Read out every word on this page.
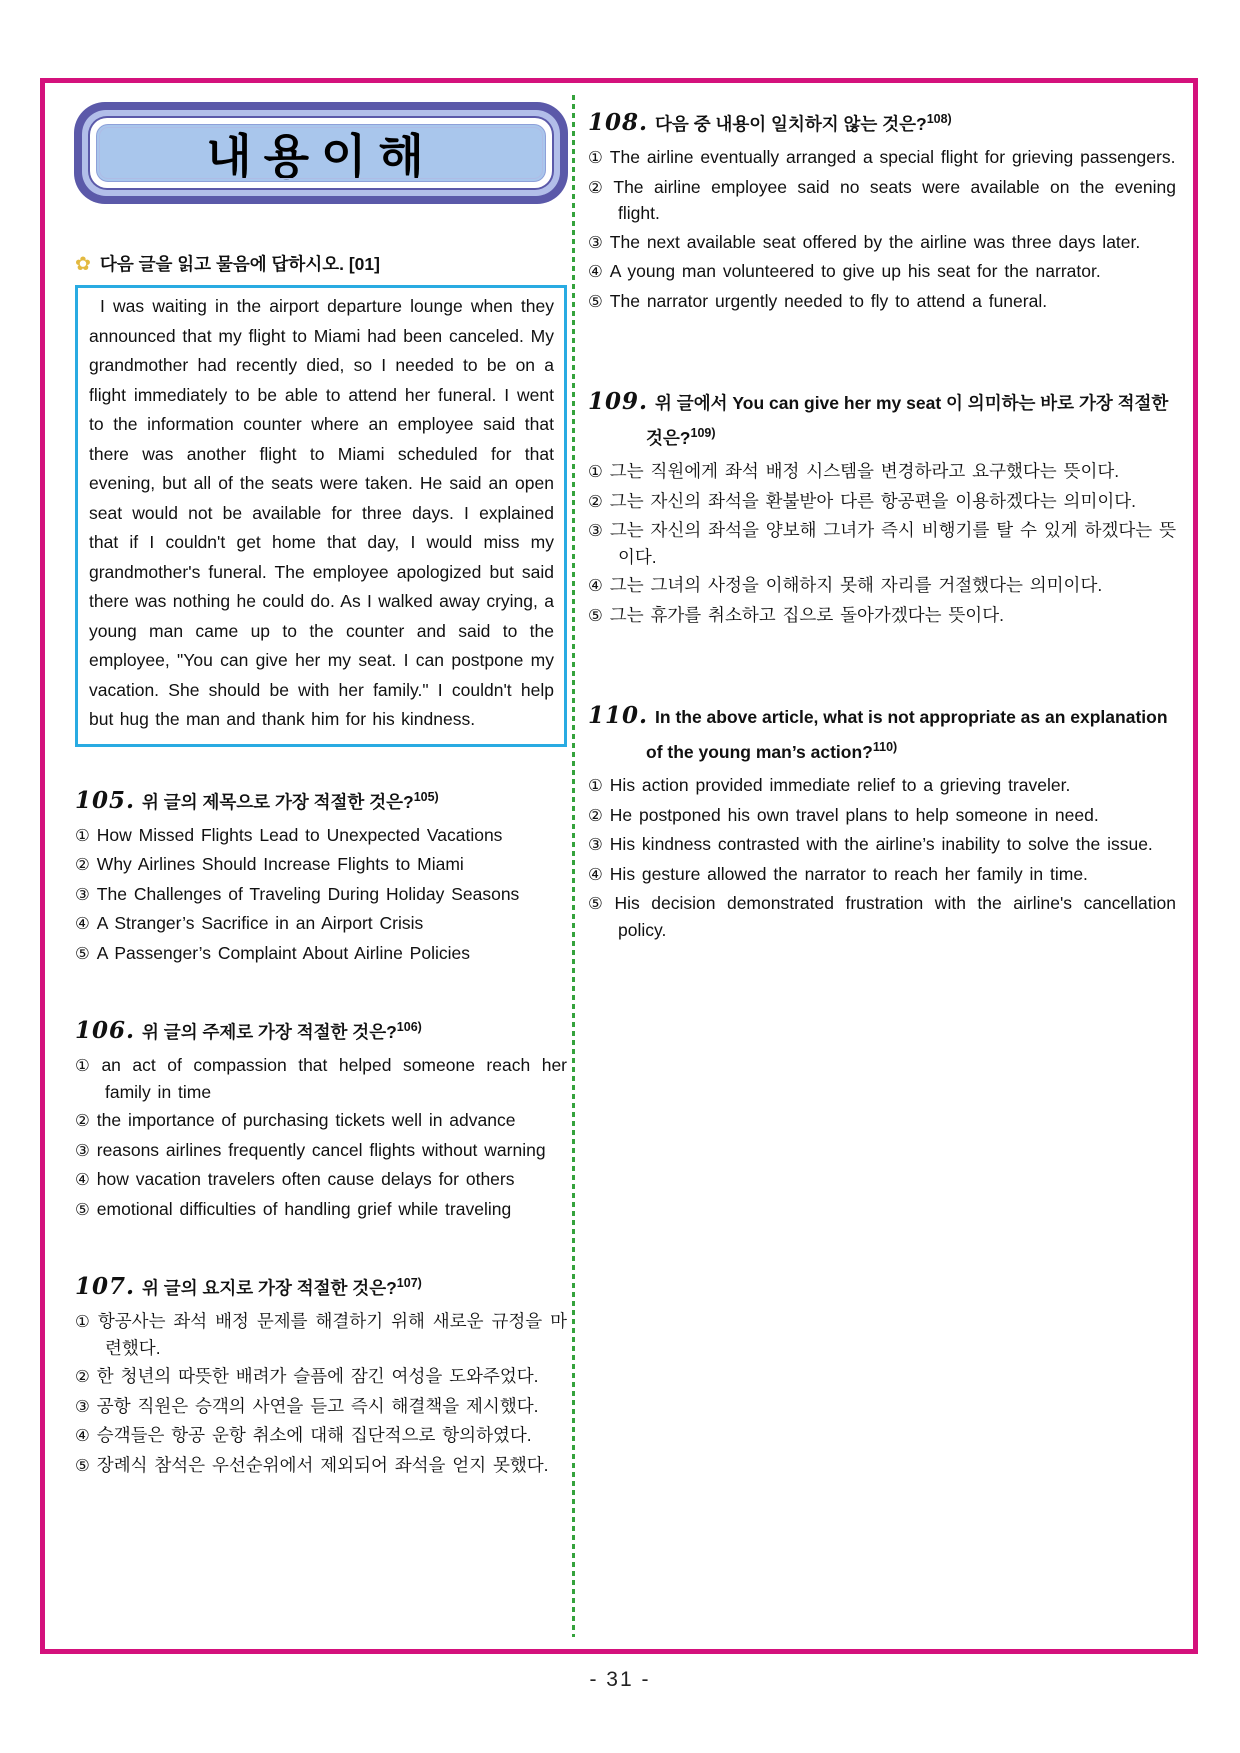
내용이해
✿ 다음 글을 읽고 물음에 답하시오. [01]
I was waiting in the airport departure lounge when they announced that my flight to Miami had been canceled. My grandmother had recently died, so I needed to be on a flight immediately to be able to attend her funeral. I went to the information counter where an employee said that there was another flight to Miami scheduled for that evening, but all of the seats were taken. He said an open seat would not be available for three days. I explained that if I couldn't get home that day, I would miss my grandmother's funeral. The employee apologized but said there was nothing he could do. As I walked away crying, a young man came up to the counter and said to the employee, "You can give her my seat. I can postpone my vacation. She should be with her family." I couldn't help but hug the man and thank him for his kindness.
105. 위 글의 제목으로 가장 적절한 것은?$^{105)}$

① How Missed Flights Lead to Unexpected Vacations

② Why Airlines Should Increase Flights to Miami

③ The Challenges of Traveling During Holiday Seasons

④ A Stranger’s Sacrifice in an Airport Crisis

⑤ A Passenger’s Complaint About Airline Policies

106. 위 글의 주제로 가장 적절한 것은?$^{106)}$

① an act of compassion that helped someone reach her family in time

② the importance of purchasing tickets well in advance

③ reasons airlines frequently cancel flights without warning

④ how vacation travelers often cause delays for others

⑤ emotional difficulties of handling grief while traveling

107. 위 글의 요지로 가장 적절한 것은?$^{107)}$

① 항공사는 좌석 배정 문제를 해결하기 위해 새로운 규정을 마련했다.

② 한 청년의 따뜻한 배려가 슬픔에 잠긴 여성을 도와주었다.

③ 공항 직원은 승객의 사연을 듣고 즉시 해결책을 제시했다.

④ 승객들은 항공 운항 취소에 대해 집단적으로 항의하였다.

⑤ 장례식 참석은 우선순위에서 제외되어 좌석을 얻지 못했다.

108. 다음 중 내용이 일치하지 않는 것은?$^{108)}$

① The airline eventually arranged a special flight for grieving passengers.

② The airline employee said no seats were available on the evening flight.

③ The next available seat offered by the airline was three days later.

④ A young man volunteered to give up his seat for the narrator.

⑤ The narrator urgently needed to fly to attend a funeral.

109. 위 글에서 You can give her my seat 이 의미하는 바로 가장 적절한 것은?$^{109)}$

① 그는 직원에게 좌석 배정 시스템을 변경하라고 요구했다는 뜻이다.

② 그는 자신의 좌석을 환불받아 다른 항공편을 이용하겠다는 의미이다.

③ 그는 자신의 좌석을 양보해 그녀가 즉시 비행기를 탈 수 있게 하겠다는 뜻이다.

④ 그는 그녀의 사정을 이해하지 못해 자리를 거절했다는 의미이다.

⑤ 그는 휴가를 취소하고 집으로 돌아가겠다는 뜻이다.

110. In the above article, what is not appropriate as an explanation of the young man’s action?$^{110)}$

① His action provided immediate relief to a grieving traveler.

② He postponed his own travel plans to help someone in need.

③ His kindness contrasted with the airline’s inability to solve the issue.

④ His gesture allowed the narrator to reach her family in time.

⑤ His decision demonstrated frustration with the airline's cancellation policy.

- 31 -
